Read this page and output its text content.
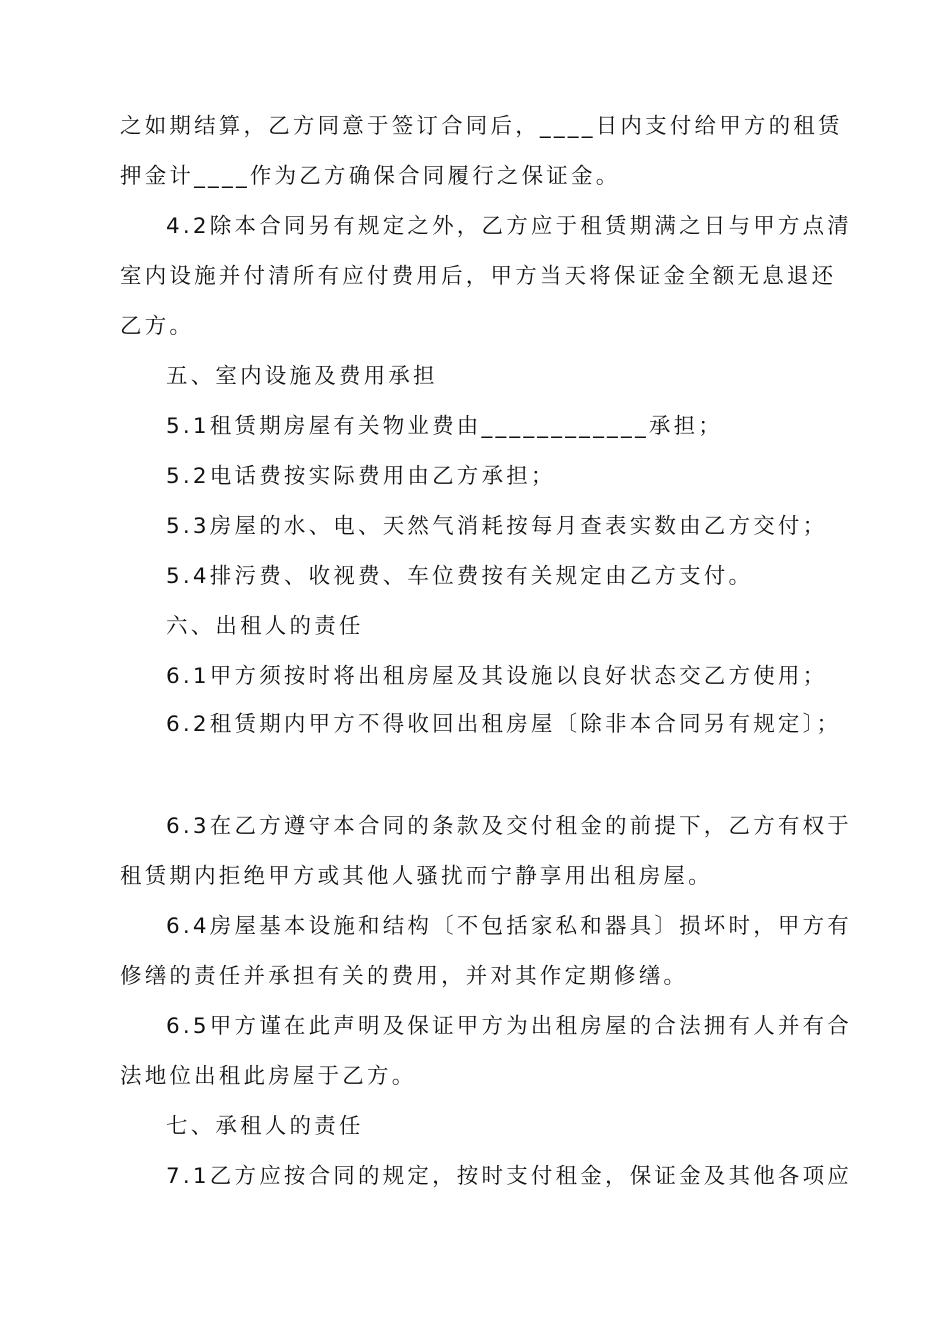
之如期结算，乙方同意于签订合同后，____日内支付给甲方的租赁
押金计____作为乙方确保合同履行之保证金。
4.2除本合同另有规定之外，乙方应于租赁期满之日与甲方点清
室内设施并付清所有应付费用后，甲方当天将保证金全额无息退还
乙方。
五、室内设施及费用承担
5.1租赁期房屋有关物业费由____________承担；
5.2电话费按实际费用由乙方承担；
5.3房屋的水、电、天然气消耗按每月查表实数由乙方交付；
5.4排污费、收视费、车位费按有关规定由乙方支付。
六、出租人的责任
6.1甲方须按时将出租房屋及其设施以良好状态交乙方使用；
6.2租赁期内甲方不得收回出租房屋〔除非本合同另有规定〕；
6.3在乙方遵守本合同的条款及交付租金的前提下，乙方有权于
租赁期内拒绝甲方或其他人骚扰而宁静享用出租房屋。
6.4房屋基本设施和结构〔不包括家私和器具〕损坏时，甲方有
修缮的责任并承担有关的费用，并对其作定期修缮。
6.5甲方谨在此声明及保证甲方为出租房屋的合法拥有人并有合
法地位出租此房屋于乙方。
七、承租人的责任
7.1乙方应按合同的规定，按时支付租金，保证金及其他各项应
